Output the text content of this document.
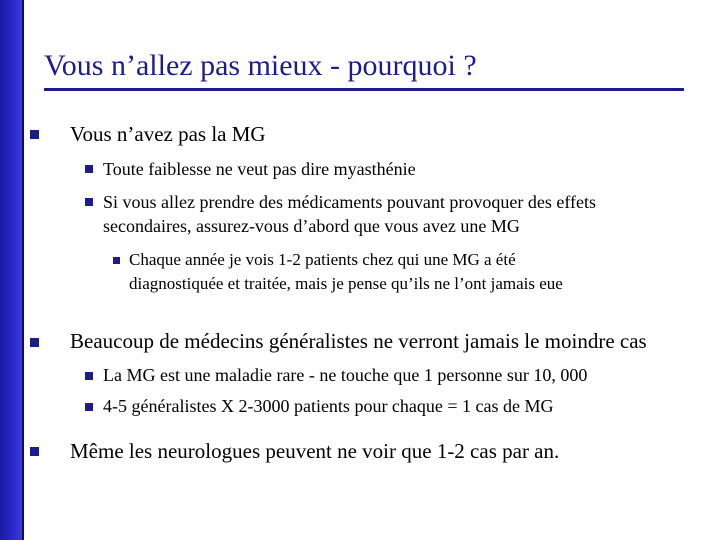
Vous n’allez pas mieux - pourquoi ?
Vous n’avez pas la MG
Toute faiblesse ne veut pas dire myasthénie
Si vous allez prendre des médicaments pouvant provoquer des effets
secondaires, assurez-vous d’abord que vous avez une MG
Chaque année je vois 1-2 patients chez qui une MG a été
diagnostiquée et traitée, mais je pense qu’ils ne l’ont jamais eue
Beaucoup de médecins généralistes ne verront jamais le moindre cas
La MG est une maladie rare - ne touche que 1 personne sur 10, 000
4-5 généralistes X 2-3000 patients pour chaque = 1 cas de MG
Même les neurologues peuvent ne voir que 1-2 cas par an.
